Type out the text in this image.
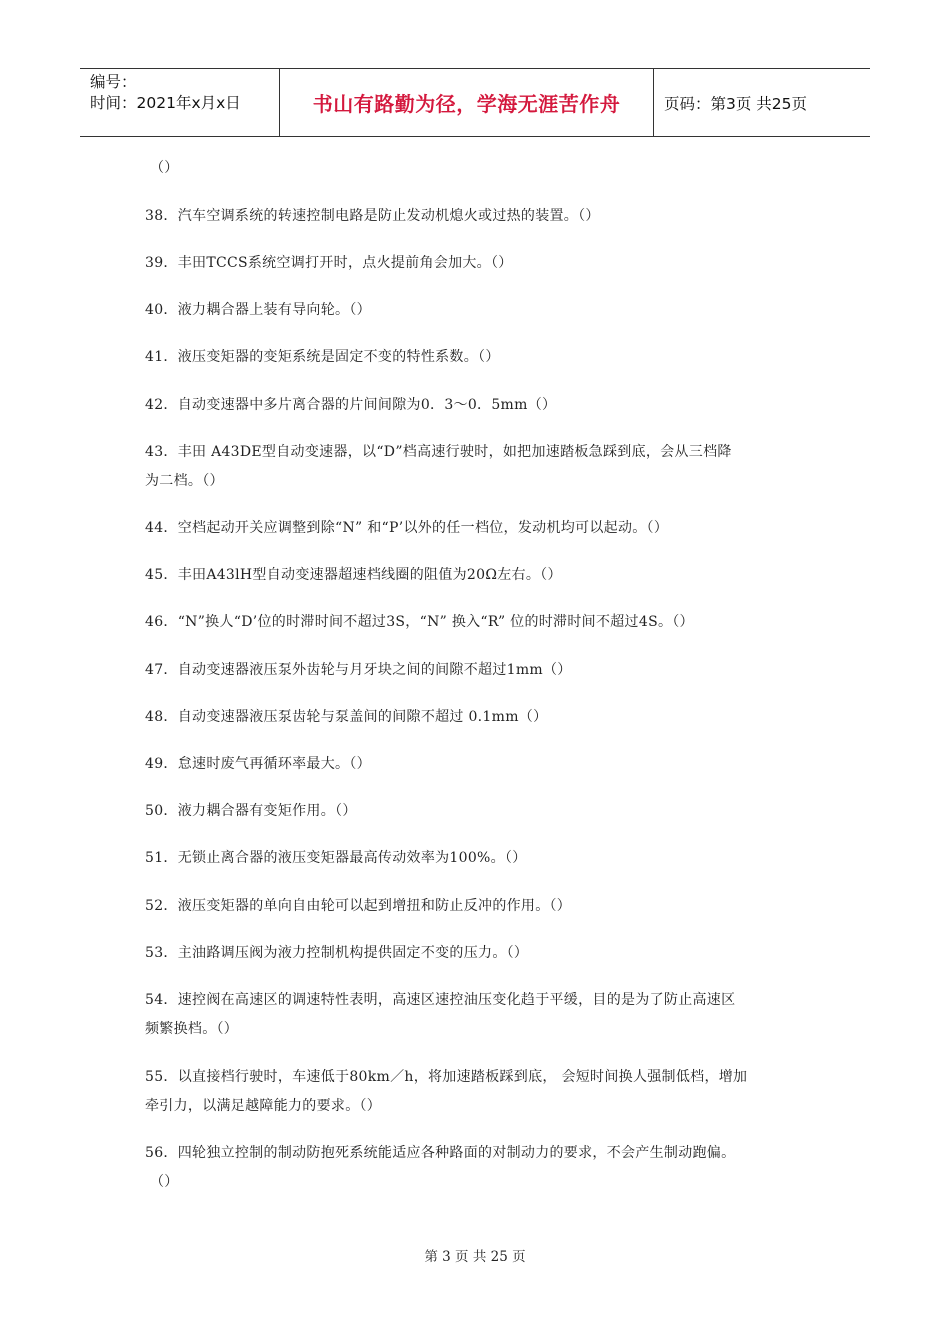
编号：
时间：2021年x月x日	书山有路勤为径，学海无涯苦作舟	页码：第3页 共25页
（）
38．汽车空调系统的转速控制电路是防止发动机熄火或过热的装置。（）
39．丰田TCCS系统空调打开时，点火提前角会加大。（）
40．液力耦合器上装有导向轮。（）
41．液压变矩器的变矩系统是固定不变的特性系数。（）
42．自动变速器中多片离合器的片间间隙为0．3～0．5mm（）
43．丰田 A43DE型自动变速器，以“D”档高速行驶时，如把加速踏板急踩到底，会从三档降
为二档。（）
44．空档起动开关应调整到除“N” 和“P’以外的任一档位，发动机均可以起动。（）
45．丰田A43lH型自动变速器超速档线圈的阻值为20Ω左右。（）
46．“N”换人“D’位的时滞时间不超过3S，“N” 换入“R” 位的时滞时间不超过4S。（）
47．自动变速器液压泵外齿轮与月牙块之间的间隙不超过1mm（）
48．自动变速器液压泵齿轮与泵盖间的间隙不超过 0.1mm（）
49．怠速时废气再循环率最大。（）
50．液力耦合器有变矩作用。（）
51．无锁止离合器的液压变矩器最高传动效率为100%。（）
52．液压变矩器的单向自由轮可以起到增扭和防止反冲的作用。（）
53．主油路调压阀为液力控制机构提供固定不变的压力。（）
54．速控阀在高速区的调速特性表明，高速区速控油压变化趋于平缓，目的是为了防止高速区
频繁换档。（）
55．以直接档行驶时，车速低于80km／h，将加速踏板踩到底， 会短时间换人强制低档，增加
牵引力，以满足越障能力的要求。（）
56．四轮独立控制的制动防抱死系统能适应各种路面的对制动力的要求，不会产生制动跑偏。
（）
第 3 页 共 25 页
